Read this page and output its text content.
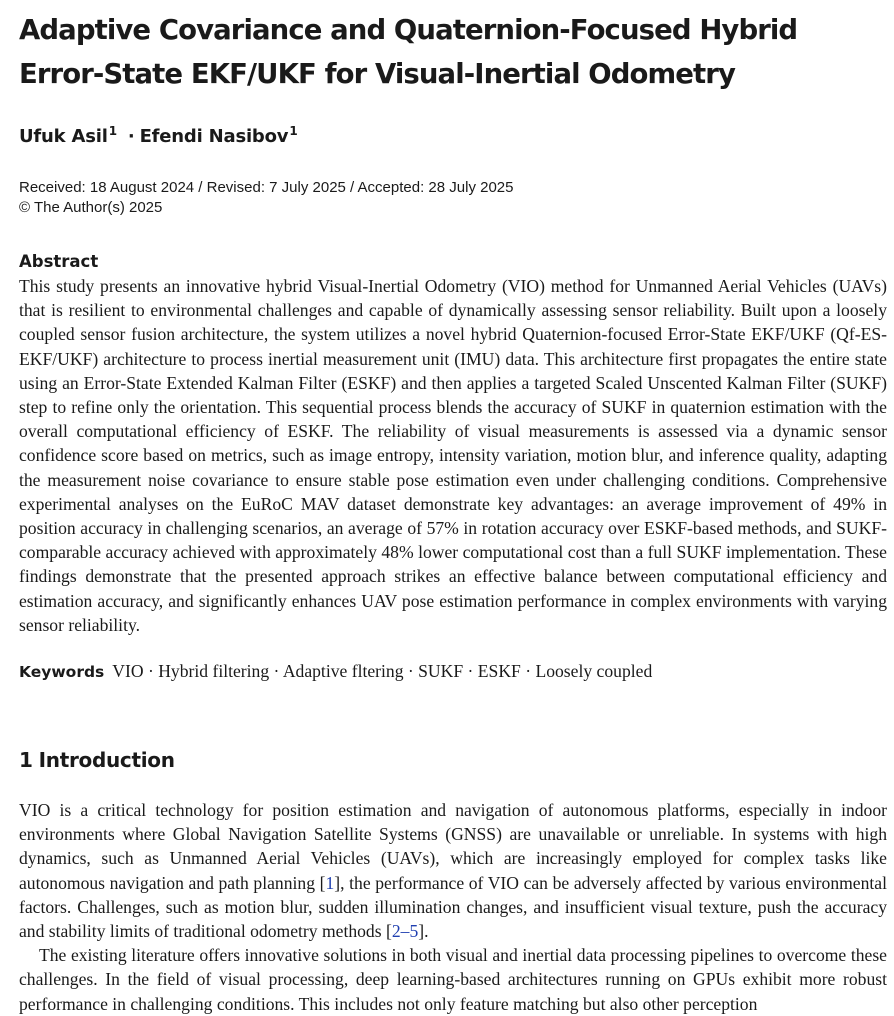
Adaptive Covariance and Quaternion-Focused Hybrid Error-State EKF/UKF for Visual-Inertial Odometry
Ufuk Asil$^1$ · Efendi Nasibov$^1$
Received: 18 August 2024 / Revised: 7 July 2025 / Accepted: 28 July 2025
© The Author(s) 2025
Abstract

This study presents an innovative hybrid Visual-Inertial Odometry (VIO) method for Unmanned Aerial Vehicles (UAVs) that is resilient to environmental challenges and capable of dynamically assessing sensor reliability. Built upon a loosely coupled sensor fusion architecture, the system utilizes a novel hybrid Quaternion-focused Error-State EKF/UKF (Qf-ES-EKF/UKF) architecture to process inertial measurement unit (IMU) data. This architecture first propagates the entire state using an Error-State Extended Kalman Filter (ESKF) and then applies a targeted Scaled Unscented Kalman Filter (SUKF) step to refine only the orientation. This sequential process blends the accuracy of SUKF in quaternion estimation with the overall computational efficiency of ESKF. The reliability of visual measurements is assessed via a dynamic sensor confidence score based on metrics, such as image entropy, intensity variation, motion blur, and inference quality, adapting the measurement noise covariance to ensure stable pose estimation even under challenging conditions. Comprehensive experimental analyses on the EuRoC MAV dataset demonstrate key advantages: an average improvement of 49% in position accuracy in challenging scenarios, an average of 57% in rotation accuracy over ESKF-based methods, and SUKF-comparable accuracy achieved with approximately 48% lower computational cost than a full SUKF implementation. These findings demonstrate that the presented approach strikes an effective balance between computational efficiency and estimation accuracy, and significantly enhances UAV pose estimation performance in complex environments with varying sensor reliability.

Keywords VIO · Hybrid filtering · Adaptive fltering · SUKF · ESKF · Loosely coupled
1 Introduction

VIO is a critical technology for position estimation and navigation of autonomous platforms, especially in indoor environments where Global Navigation Satellite Systems (GNSS) are unavailable or unreliable. In systems with high dynamics, such as Unmanned Aerial Vehicles (UAVs), which are increasingly employed for complex tasks like autonomous navigation and path planning [1], the performance of VIO can be adversely affected by various environmental factors. Challenges, such as motion blur, sudden illumination changes, and insufficient visual texture, push the accuracy and stability limits of traditional odometry methods [2–5].

The existing literature offers innovative solutions in both visual and inertial data processing pipelines to overcome these challenges. In the field of visual processing, deep learning-based architectures running on GPUs exhibit more robust performance in challenging conditions. This includes not only feature matching but also other perception
